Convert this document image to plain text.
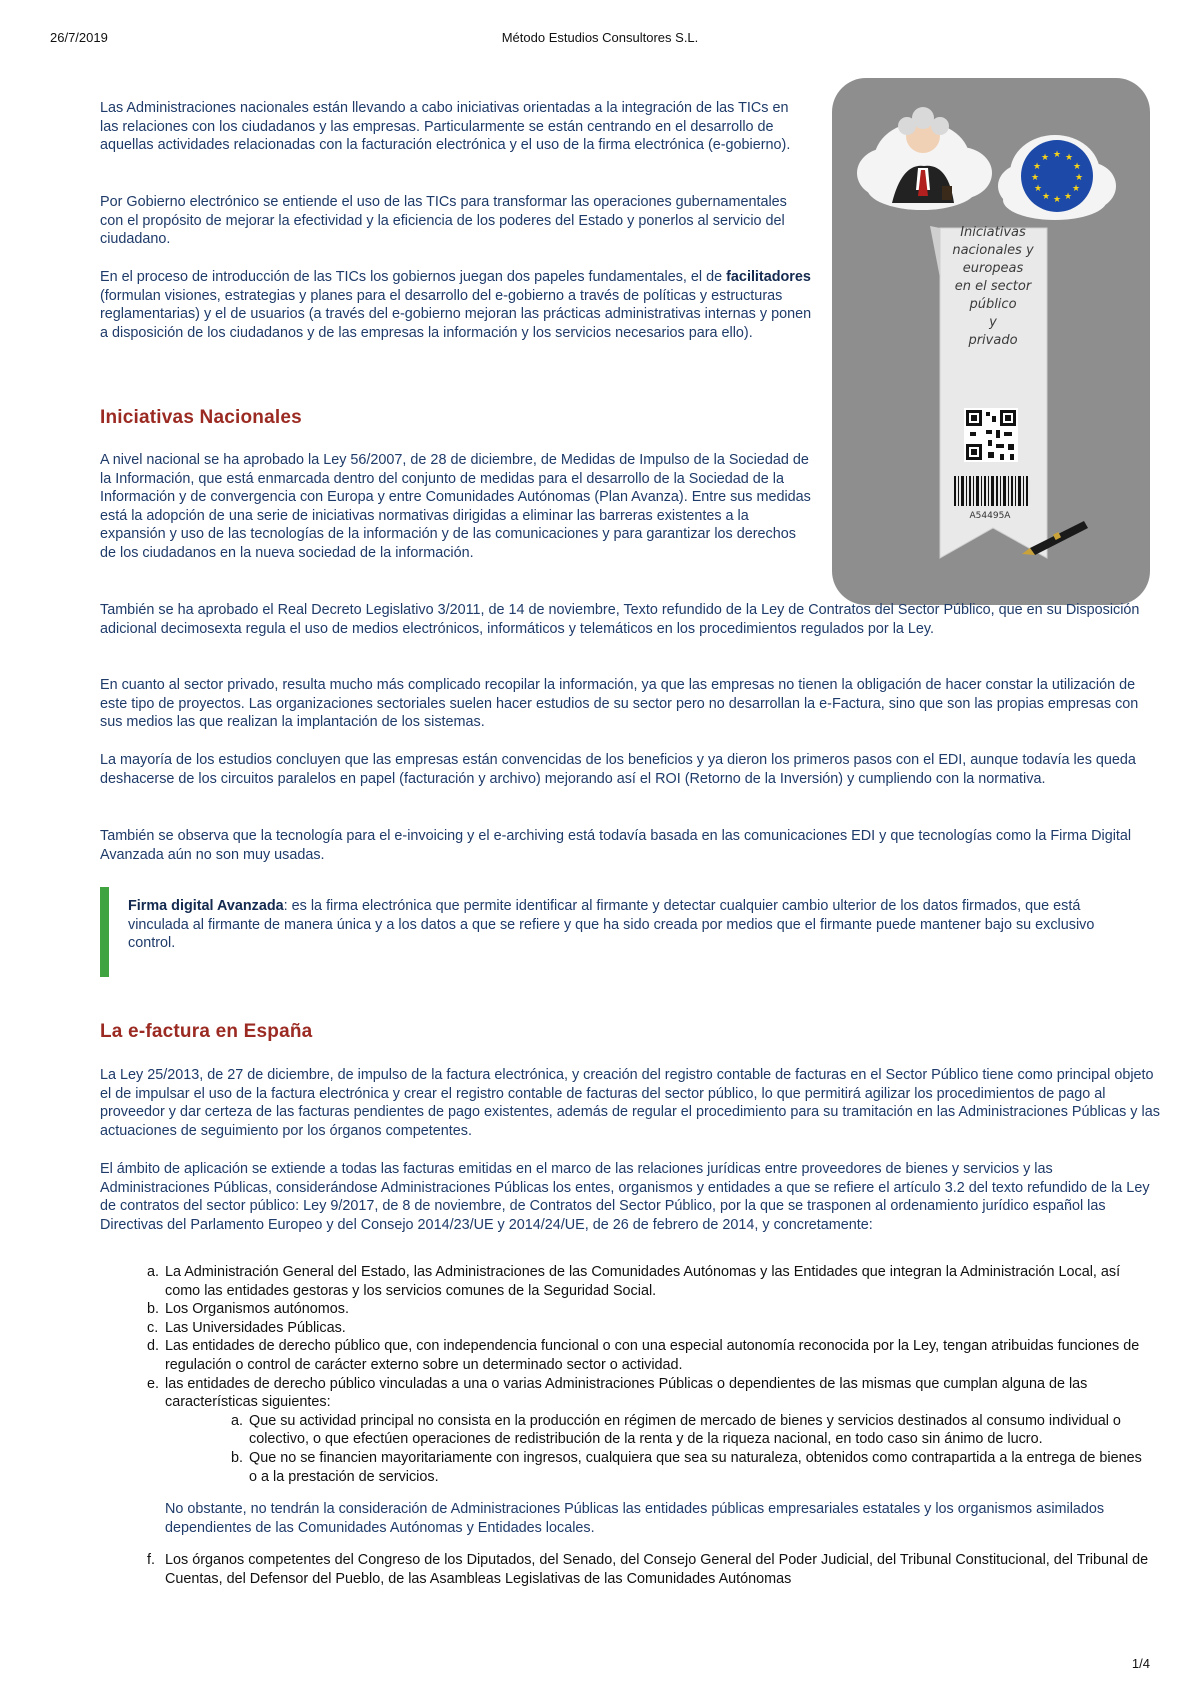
26/7/2019	Método Estudios Consultores S.L.

Las Administraciones nacionales están llevando a cabo iniciativas orientadas a la integración de las TICs en las relaciones con los ciudadanos y las empresas. Particularmente se están centrando en el desarrollo de aquellas actividades relacionadas con la facturación electrónica y el uso de la firma electrónica (e-gobierno).

Por Gobierno electrónico se entiende el uso de las TICs para transformar las operaciones gubernamentales con el propósito de mejorar la efectividad y la eficiencia de los poderes del Estado y ponerlos al servicio del ciudadano.

En el proceso de introducción de las TICs los gobiernos juegan dos papeles fundamentales, el de facilitadores (formulan visiones, estrategias y planes para el desarrollo del e-gobierno a través de políticas y estructuras reglamentarias) y el de usuarios (a través del e-gobierno mejoran las prácticas administrativas internas y ponen a disposición de los ciudadanos y de las empresas la información y los servicios necesarios para ello).

★ ★
★
★
★
★
★
★
★
★
★
★
Iniciativas
nacionales y
europeas
en el sector
público
y
privado
A54495A
Iniciativas Nacionales

A nivel nacional se ha aprobado la Ley 56/2007, de 28 de diciembre, de Medidas de Impulso de la Sociedad de la Información, que está enmarcada dentro del conjunto de medidas para el desarrollo de la Sociedad de la Información y de convergencia con Europa y entre Comunidades Autónomas (Plan Avanza). Entre sus medidas está la adopción de una serie de iniciativas normativas dirigidas a eliminar las barreras existentes a la expansión y uso de las tecnologías de la información y de las comunicaciones y para garantizar los derechos de los ciudadanos en la nueva sociedad de la información.

También se ha aprobado el Real Decreto Legislativo 3/2011, de 14 de noviembre, Texto refundido de la Ley de Contratos del Sector Público, que en su Disposición adicional decimosexta regula el uso de medios electrónicos, informáticos y telemáticos en los procedimientos regulados por la Ley.

En cuanto al sector privado, resulta mucho más complicado recopilar la información, ya que las empresas no tienen la obligación de hacer constar la utilización de este tipo de proyectos. Las organizaciones sectoriales suelen hacer estudios de su sector pero no desarrollan la e-Factura, sino que son las propias empresas con sus medios las que realizan la implantación de los sistemas.

La mayoría de los estudios concluyen que las empresas están convencidas de los beneficios y ya dieron los primeros pasos con el EDI, aunque todavía les queda deshacerse de los circuitos paralelos en papel (facturación y archivo) mejorando así el ROI (Retorno de la Inversión) y cumpliendo con la normativa.

También se observa que la tecnología para el e-invoicing y el e-archiving está todavía basada en las comunicaciones EDI y que tecnologías como la Firma Digital Avanzada aún no son muy usadas.

Firma digital Avanzada: es la firma electrónica que permite identificar al firmante y detectar cualquier cambio ulterior de los datos firmados, que está vinculada al firmante de manera única y a los datos a que se refiere y que ha sido creada por medios que el firmante puede mantener bajo su exclusivo control.

La e-factura en España

La Ley 25/2013, de 27 de diciembre, de impulso de la factura electrónica, y creación del registro contable de facturas en el Sector Público tiene como principal objeto el de impulsar el uso de la factura electrónica y crear el registro contable de facturas del sector público, lo que permitirá agilizar los procedimientos de pago al proveedor y dar certeza de las facturas pendientes de pago existentes, además de regular el procedimiento para su tramitación en las Administraciones Públicas y las actuaciones de seguimiento por los órganos competentes.

El ámbito de aplicación se extiende a todas las facturas emitidas en el marco de las relaciones jurídicas entre proveedores de bienes y servicios y las Administraciones Públicas, considerándose Administraciones Públicas los entes, organismos y entidades a que se refiere el artículo 3.2 del texto refundido de la Ley de contratos del sector público: Ley 9/2017, de 8 de noviembre, de Contratos del Sector Público, por la que se trasponen al ordenamiento jurídico español las Directivas del Parlamento Europeo y del Consejo 2014/23/UE y 2014/24/UE, de 26 de febrero de 2014, y concretamente:

a. La Administración General del Estado, las Administraciones de las Comunidades Autónomas y las Entidades que integran la Administración Local, así como las entidades gestoras y los servicios comunes de la Seguridad Social.
b. Los Organismos autónomos.
c. Las Universidades Públicas.
d. Las entidades de derecho público que, con independencia funcional o con una especial autonomía reconocida por la Ley, tengan atribuidas funciones de regulación o control de carácter externo sobre un determinado sector o actividad.
e. las entidades de derecho público vinculadas a una o varias Administraciones Públicas o dependientes de las mismas que cumplan alguna de las características siguientes:
a. Que su actividad principal no consista en la producción en régimen de mercado de bienes y servicios destinados al consumo individual o colectivo, o que efectúen operaciones de redistribución de la renta y de la riqueza nacional, en todo caso sin ánimo de lucro.
b. Que no se financien mayoritariamente con ingresos, cualquiera que sea su naturaleza, obtenidos como contrapartida a la entrega de bienes o a la prestación de servicios.
No obstante, no tendrán la consideración de Administraciones Públicas las entidades públicas empresariales estatales y los organismos asimilados dependientes de las Comunidades Autónomas y Entidades locales.
f. Los órganos competentes del Congreso de los Diputados, del Senado, del Consejo General del Poder Judicial, del Tribunal Constitucional, del Tribunal de Cuentas, del Defensor del Pueblo, de las Asambleas Legislativas de las Comunidades Autónomas
1/4
